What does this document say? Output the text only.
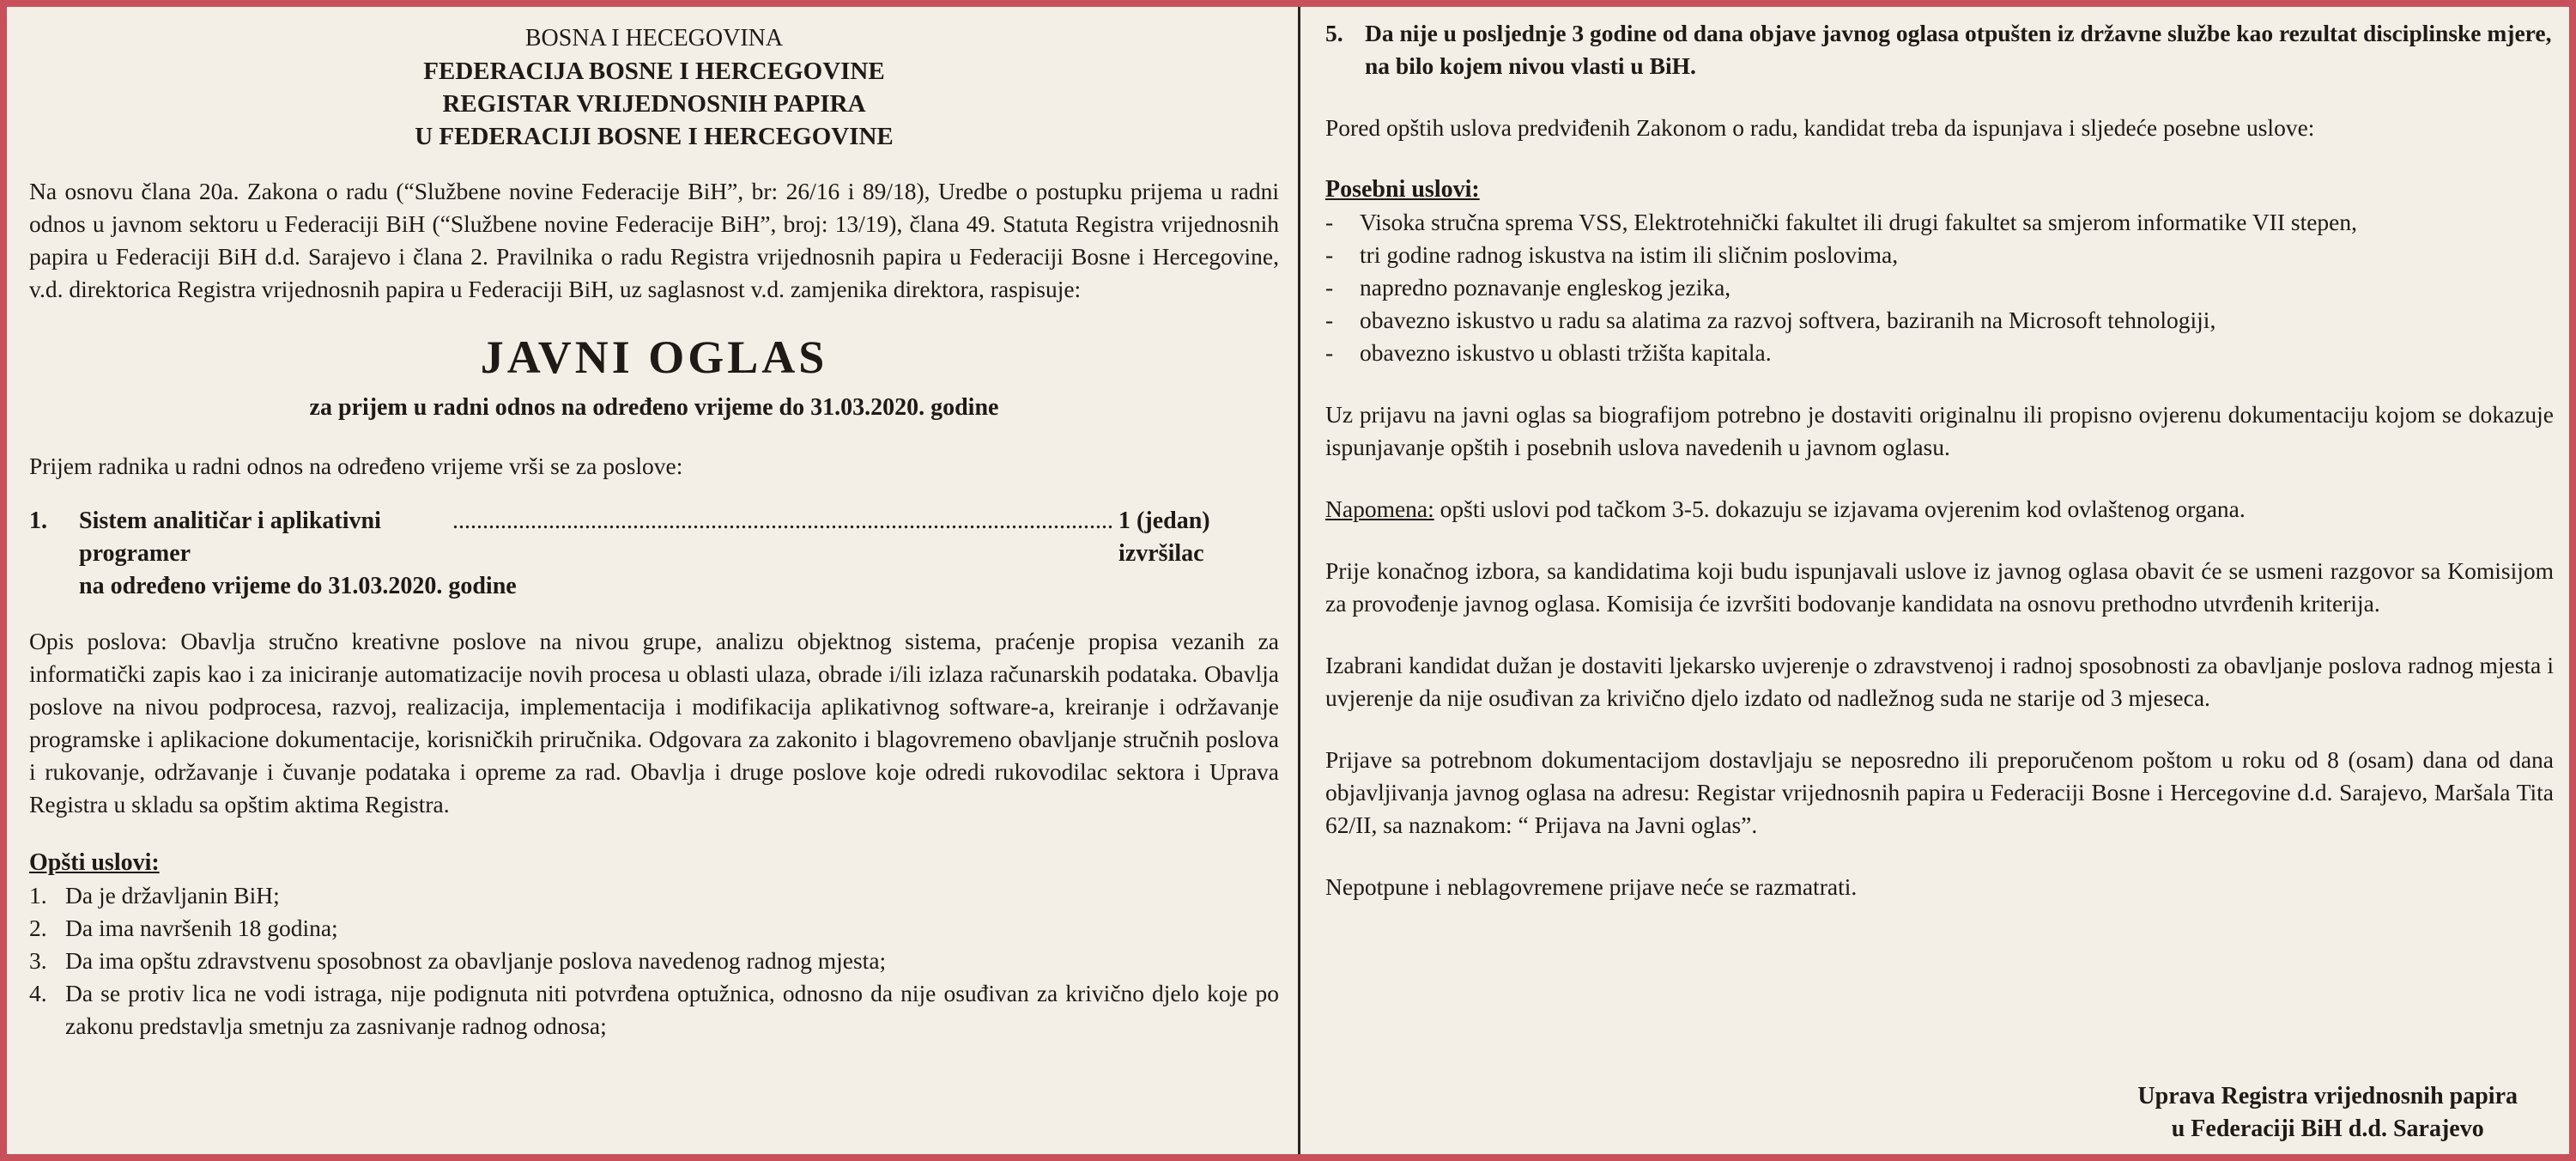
BOSNA I HECEGOVINA
FEDERACIJA BOSNE I HERCEGOVINE
REGISTAR VRIJEDNOSNIH PAPIRA
U FEDERACIJI BOSNE I HERCEGOVINE

Na osnovu člana 20a. Zakona o radu (“Službene novine Federacije BiH”, br: 26/16 i 89/18), Uredbe o postupku prijema u radni odnos u javnom sektoru u Federaciji BiH (“Službene novine Federacije BiH”, broj: 13/19), člana 49. Statuta Registra vrijednosnih papira u Federaciji BiH d.d. Sarajevo i člana 2. Pravilnika o radu Registra vrijednosnih papira u Federaciji Bosne i Hercegovine, v.d. direktorica Registra vrijednosnih papira u Federaciji BiH, uz saglasnost v.d. zamjenika direktora, raspisuje:

JAVNI OGLAS
za prijem u radni odnos na određeno vrijeme do 31.03.2020. godine

Prijem radnika u radni odnos na određeno vrijeme vrši se za poslove:

1.	Sistem analitičar i aplikativni programer
.............................................................................................................. 1 (jedan) izvršilac
na određeno vrijeme do 31.03.2020. godine

Opis poslova: Obavlja stručno kreativne poslove na nivou grupe, analizu objektnog sistema, praćenje propisa vezanih za informatički zapis kao i za iniciranje automatizacije novih procesa u oblasti ulaza, obrade i/ili izlaza računarskih podataka. Obavlja poslove na nivou podprocesa, razvoj, realizacija, implementacija i modifikacija aplikativnog software-a, kreiranje i održavanje programske i aplikacione dokumentacije, korisničkih priručnika. Odgovara za zakonito i blagovremeno obavljanje stručnih poslova i rukovanje, održavanje i čuvanje podataka i opreme za rad. Obavlja i druge poslove koje odredi rukovodilac sektora i Uprava Registra u skladu sa opštim aktima Registra.

Opšti uslovi:
1. Da je državljanin BiH;
2. Da ima navršenih 18 godina;
3. Da ima opštu zdravstvenu sposobnost za obavljanje poslova navedenog radnog mjesta;
4. Da se protiv lica ne vodi istraga, nije podignuta niti potvrđena optužnica, odnosno da nije osuđivan za krivično djelo koje po zakonu predstavlja smetnju za zasnivanje radnog odnosa;
5. Da nije u posljednje 3 godine od dana objave javnog oglasa otpušten iz državne službe kao rezultat disciplinske mjere, na bilo kojem nivou vlasti u BiH.

Pored opštih uslova predviđenih Zakonom o radu, kandidat treba da ispunjava i sljedeće posebne uslove:

Posebni uslovi:
-	Visoka stručna sprema VSS, Elektrotehnički fakultet ili drugi fakultet sa smjerom informatike VII stepen,
-	tri godine radnog iskustva na istim ili sličnim poslovima,
-	napredno poznavanje engleskog jezika,
-	obavezno iskustvo u radu sa alatima za razvoj softvera, baziranih na Microsoft tehnologiji,
-	obavezno iskustvo u oblasti tržišta kapitala.

Uz prijavu na javni oglas sa biografijom potrebno je dostaviti originalnu ili propisno ovjerenu dokumentaciju kojom se dokazuje ispunjavanje opštih i posebnih uslova navedenih u javnom oglasu.

Napomena: opšti uslovi pod tačkom 3-5. dokazuju se izjavama ovjerenim kod ovlaštenog organa.

Prije konačnog izbora, sa kandidatima koji budu ispunjavali uslove iz javnog oglasa obavit će se usmeni razgovor sa Komisijom za provođenje javnog oglasa. Komisija će izvršiti bodovanje kandidata na osnovu prethodno utvrđenih kriterija.

Izabrani kandidat dužan je dostaviti ljekarsko uvjerenje o zdravstvenoj i radnoj sposobnosti za obavljanje poslova radnog mjesta i uvjerenje da nije osuđivan za krivično djelo izdato od nadležnog suda ne starije od 3 mjeseca.

Prijave sa potrebnom dokumentacijom dostavljaju se neposredno ili preporučenom poštom u roku od 8 (osam) dana od dana objavljivanja javnog oglasa na adresu: Registar vrijednosnih papira u Federaciji Bosne i Hercegovine d.d. Sarajevo, Maršala Tita 62/II, sa naznakom: “ Prijava na Javni oglas”.

Nepotpune i neblagovremene prijave neće se razmatrati.

Uprava Registra vrijednosnih papira
u Federaciji BiH d.d. Sarajevo
